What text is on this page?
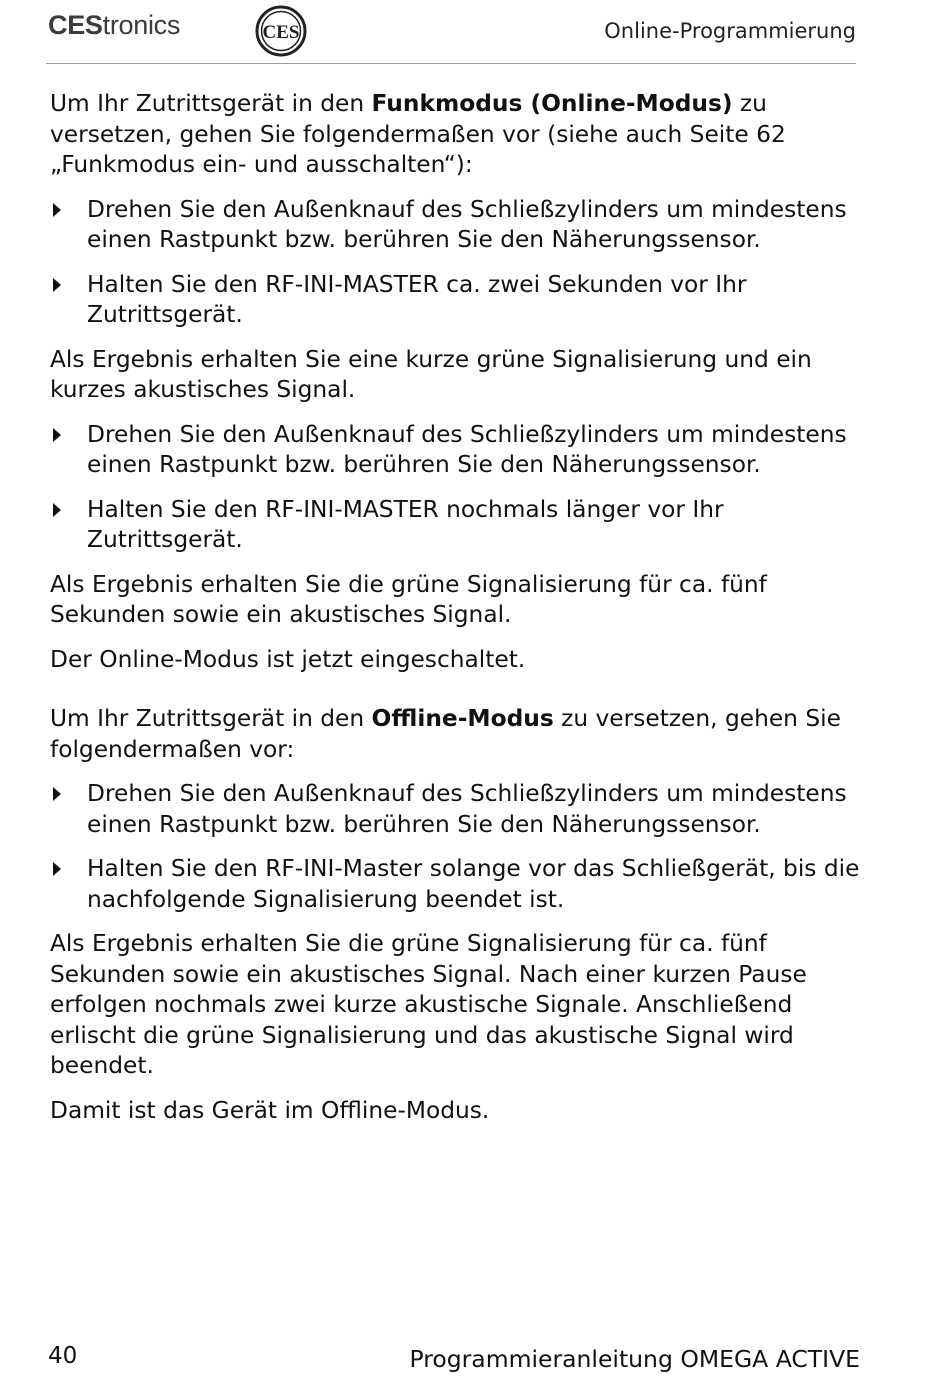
CEStronics	CES	Online-Programmierung

Um Ihr Zutrittsgerät in den Funkmodus (Online-Modus) zu versetzen, gehen Sie folgendermaßen vor (siehe auch Seite 62 „Funkmodus ein- und ausschalten“):

Drehen Sie den Außenknauf des Schließzylinders um mindestens einen Rastpunkt bzw. berühren Sie den Näherungssensor.
Halten Sie den RF-INI-MASTER ca. zwei Sekunden vor Ihr Zutrittsgerät.

Als Ergebnis erhalten Sie eine kurze grüne Signalisierung und ein kurzes akustisches Signal.

Drehen Sie den Außenknauf des Schließzylinders um mindestens einen Rastpunkt bzw. berühren Sie den Näherungssensor.
Halten Sie den RF-INI-MASTER nochmals länger vor Ihr Zutrittsgerät.

Als Ergebnis erhalten Sie die grüne Signalisierung für ca. fünf Sekunden sowie ein akustisches Signal.

Der Online-Modus ist jetzt eingeschaltet.

Um Ihr Zutrittsgerät in den Offline-Modus zu versetzen, gehen Sie folgendermaßen vor:

Drehen Sie den Außenknauf des Schließzylinders um mindestens einen Rastpunkt bzw. berühren Sie den Näherungssensor.
Halten Sie den RF-INI-Master solange vor das Schließgerät, bis die nachfolgende Signalisierung beendet ist.

Als Ergebnis erhalten Sie die grüne Signalisierung für ca. fünf Sekunden sowie ein akustisches Signal. Nach einer kurzen Pause erfolgen nochmals zwei kurze akustische Signale. Anschließend erlischt die grüne Signalisierung und das akustische Signal wird beendet.

Damit ist das Gerät im Offline-Modus.

40	Programmieranleitung OMEGA ACTIVE
